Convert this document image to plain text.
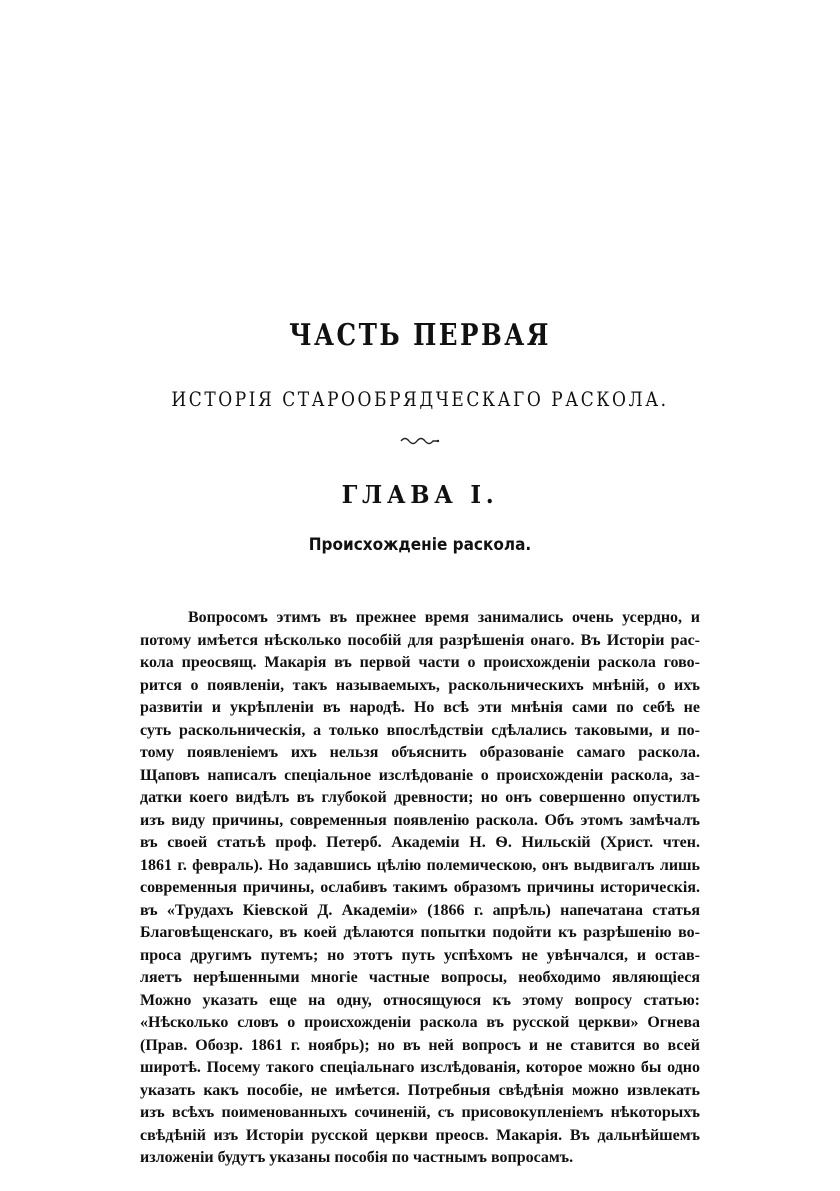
ЧАСТЬ ПЕРВАЯ
ИСТОРІЯ СТАРООБРЯДЧЕСКАГО РАСКОЛА.
ГЛАВА I.
Происхожденіе раскола.
Вопросомъ этимъ въ прежнее время занимались очень усердно, и
потому имѣется нѣсколько пособій для разрѣшенія онаго. Въ Исторіи рас-
кола преосвящ. Макарія въ первой части о происхожденіи раскола гово-
рится о появленіи, такъ называемыхъ, раскольническихъ мнѣній, о ихъ
развитіи и укрѣпленіи въ народѣ. Но всѣ эти мнѣнія сами по себѣ не
суть раскольническія, а только впослѣдствіи сдѣлались таковыми, и по-
тому появленіемъ ихъ нельзя объяснить образованіе самаго раскола.
Щаповъ написалъ спеціальное изслѣдованіе о происхожденіи раскола, за-
датки коего видѣлъ въ глубокой древности; но онъ совершенно опустилъ
изъ виду причины, современныя появленію раскола. Объ этомъ замѣчалъ
въ своей статьѣ проф. Петерб. Академіи Н. Ѳ. Нильскій (Христ. чтен.
1861 г. февраль). Но задавшись цѣлію полемическою, онъ выдвигалъ лишь
современныя причины, ослабивъ такимъ образомъ причины историческія.
въ «Трудахъ Кіевской Д. Академіи» (1866 г. апрѣль) напечатана статья
Благовѣщенскаго, въ коей дѣлаются попытки подойти къ разрѣшенію во-
проса другимъ путемъ; но этотъ путь успѣхомъ не увѣнчался, и остав-
ляетъ нерѣшенными многіе частные вопросы, необходимо являющіеся
Можно указать еще на одну, относящуюся къ этому вопросу статью:
«Нѣсколько словъ о происхожденіи раскола въ русской церкви» Огнева
(Прав. Обозр. 1861 г. ноябрь); но въ ней вопросъ и не ставится во всей
широтѣ. Посему такого спеціальнаго изслѣдованія, которое можно бы одно
указать какъ пособіе, не имѣется. Потребныя свѣдѣнія можно извлекать
изъ всѣхъ поименованныхъ сочиненій, съ присовокупленіемъ нѣкоторыхъ
свѣдѣній изъ Исторіи русской церкви преосв. Макарія. Въ дальнѣйшемъ
изложеніи будутъ указаны пособія по частнымъ вопросамъ.
